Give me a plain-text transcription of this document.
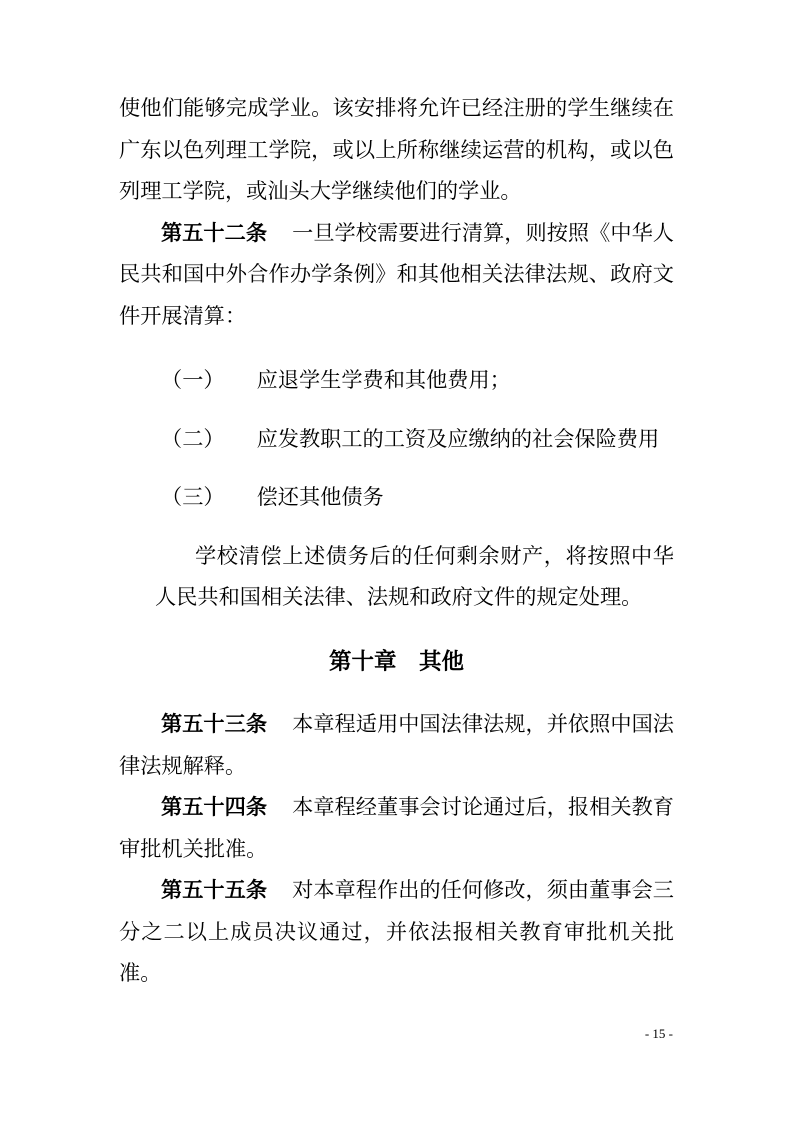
使他们能够完成学业。该安排将允许已经注册的学生继续在
广东以色列理工学院，或以上所称继续运营的机构，或以色
列理工学院，或汕头大学继续他们的学业。
第五十二条 一旦学校需要进行清算，则按照《中华人
民共和国中外合作办学条例》和其他相关法律法规、政府文
件开展清算：
（一） 应退学生学费和其他费用；
（二） 应发教职工的工资及应缴纳的社会保险费用
（三） 偿还其他债务
学校清偿上述债务后的任何剩余财产，将按照中华
人民共和国相关法律、法规和政府文件的规定处理。
第十章　其他
第五十三条 本章程适用中国法律法规，并依照中国法
律法规解释。
第五十四条 本章程经董事会讨论通过后，报相关教育
审批机关批准。
第五十五条 对本章程作出的任何修改，须由董事会三
分之二以上成员决议通过，并依法报相关教育审批机关批
准。
- 15 -
